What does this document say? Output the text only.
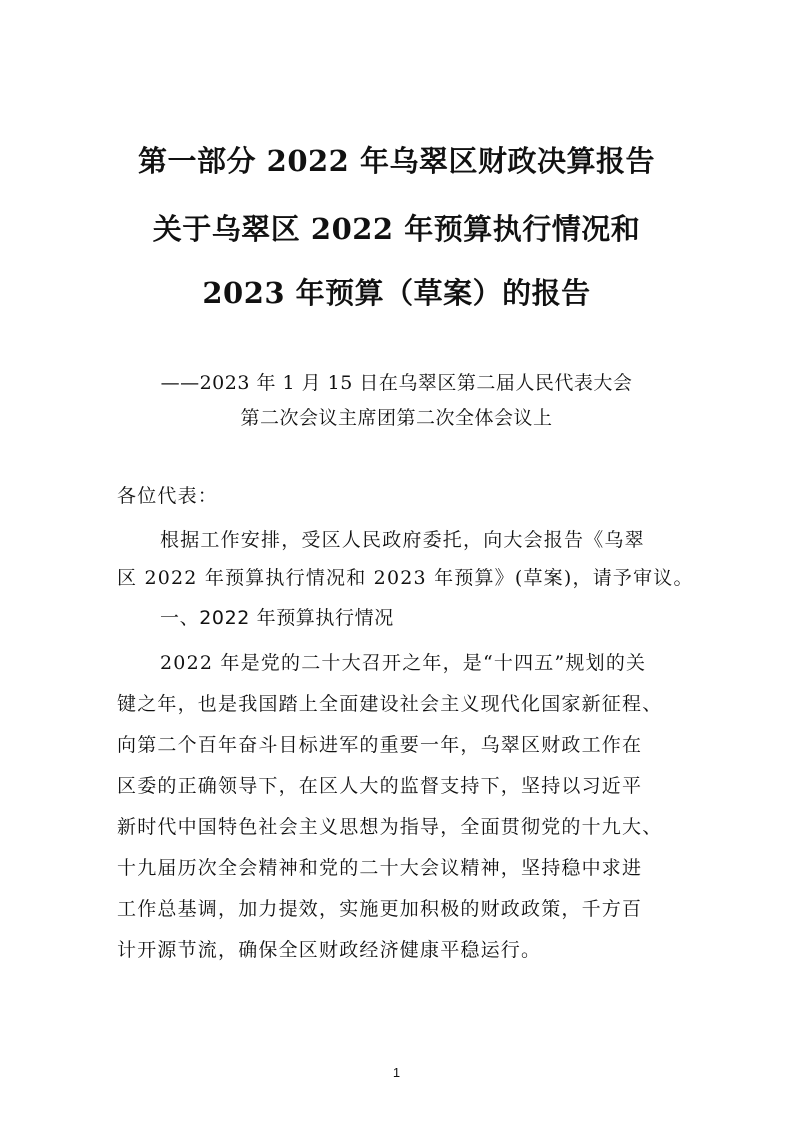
第一部分 2022 年乌翠区财政决算报告
关于乌翠区 2022 年预算执行情况和
2023 年预算（草案）的报告
——2023 年 1 月 15 日在乌翠区第二届人民代表大会
第二次会议主席团第二次全体会议上
各位代表：
根据工作安排，受区人民政府委托，向大会报告《乌翠
区 2022 年预算执行情况和 2023 年预算》(草案)，请予审议。
一、2022 年预算执行情况
2022 年是党的二十大召开之年，是“十四五”规划的关
键之年，也是我国踏上全面建设社会主义现代化国家新征程、
向第二个百年奋斗目标进军的重要一年，乌翠区财政工作在
区委的正确领导下，在区人大的监督支持下，坚持以习近平
新时代中国特色社会主义思想为指导，全面贯彻党的十九大、
十九届历次全会精神和党的二十大会议精神，坚持稳中求进
工作总基调，加力提效，实施更加积极的财政政策，千方百
计开源节流，确保全区财政经济健康平稳运行。
1
